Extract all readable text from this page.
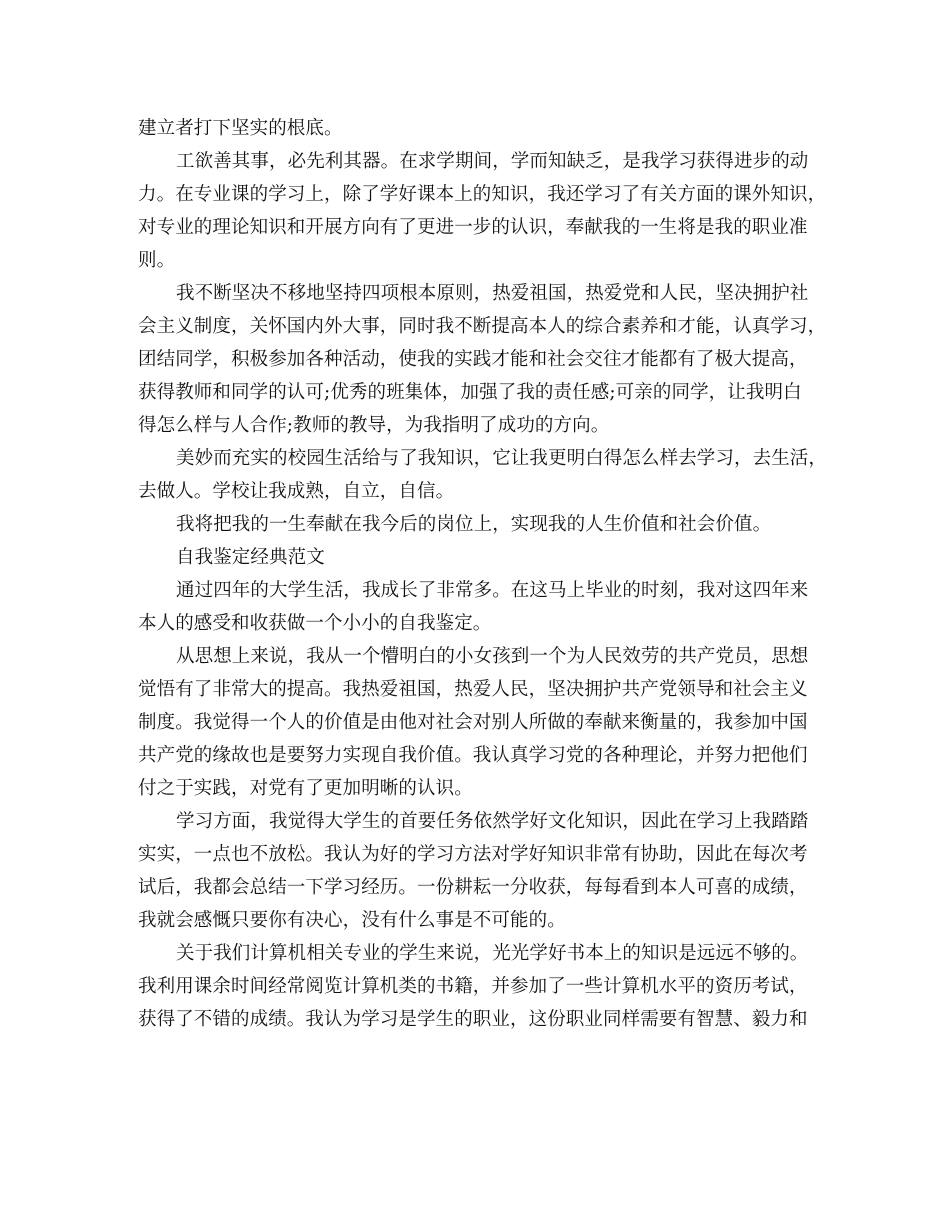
建立者打下坚实的根底。
工欲善其事，必先利其器。在求学期间，学而知缺乏，是我学习获得进步的动
力。在专业课的学习上，除了学好课本上的知识，我还学习了有关方面的课外知识，
对专业的理论知识和开展方向有了更进一步的认识，奉献我的一生将是我的职业准
则。
我不断坚决不移地坚持四项根本原则，热爱祖国，热爱党和人民，坚决拥护社
会主义制度，关怀国内外大事，同时我不断提高本人的综合素养和才能，认真学习，
团结同学，积极参加各种活动，使我的实践才能和社会交往才能都有了极大提高，
获得教师和同学的认可;优秀的班集体，加强了我的责任感;可亲的同学，让我明白
得怎么样与人合作;教师的教导，为我指明了成功的方向。
美妙而充实的校园生活给与了我知识，它让我更明白得怎么样去学习，去生活，
去做人。学校让我成熟，自立，自信。
我将把我的一生奉献在我今后的岗位上，实现我的人生价值和社会价值。
自我鉴定经典范文
通过四年的大学生活，我成长了非常多。在这马上毕业的时刻，我对这四年来
本人的感受和收获做一个小小的自我鉴定。
从思想上来说，我从一个懵明白的小女孩到一个为人民效劳的共产党员，思想
觉悟有了非常大的提高。我热爱祖国，热爱人民，坚决拥护共产党领导和社会主义
制度。我觉得一个人的价值是由他对社会对别人所做的奉献来衡量的，我参加中国
共产党的缘故也是要努力实现自我价值。我认真学习党的各种理论，并努力把他们
付之于实践，对党有了更加明晰的认识。
学习方面，我觉得大学生的首要任务依然学好文化知识，因此在学习上我踏踏
实实，一点也不放松。我认为好的学习方法对学好知识非常有协助，因此在每次考
试后，我都会总结一下学习经历。一份耕耘一分收获，每每看到本人可喜的成绩，
我就会感慨只要你有决心，没有什么事是不可能的。
关于我们计算机相关专业的学生来说，光光学好书本上的知识是远远不够的。
我利用课余时间经常阅览计算机类的书籍，并参加了一些计算机水平的资历考试，
获得了不错的成绩。我认为学习是学生的职业，这份职业同样需要有智慧、毅力和
